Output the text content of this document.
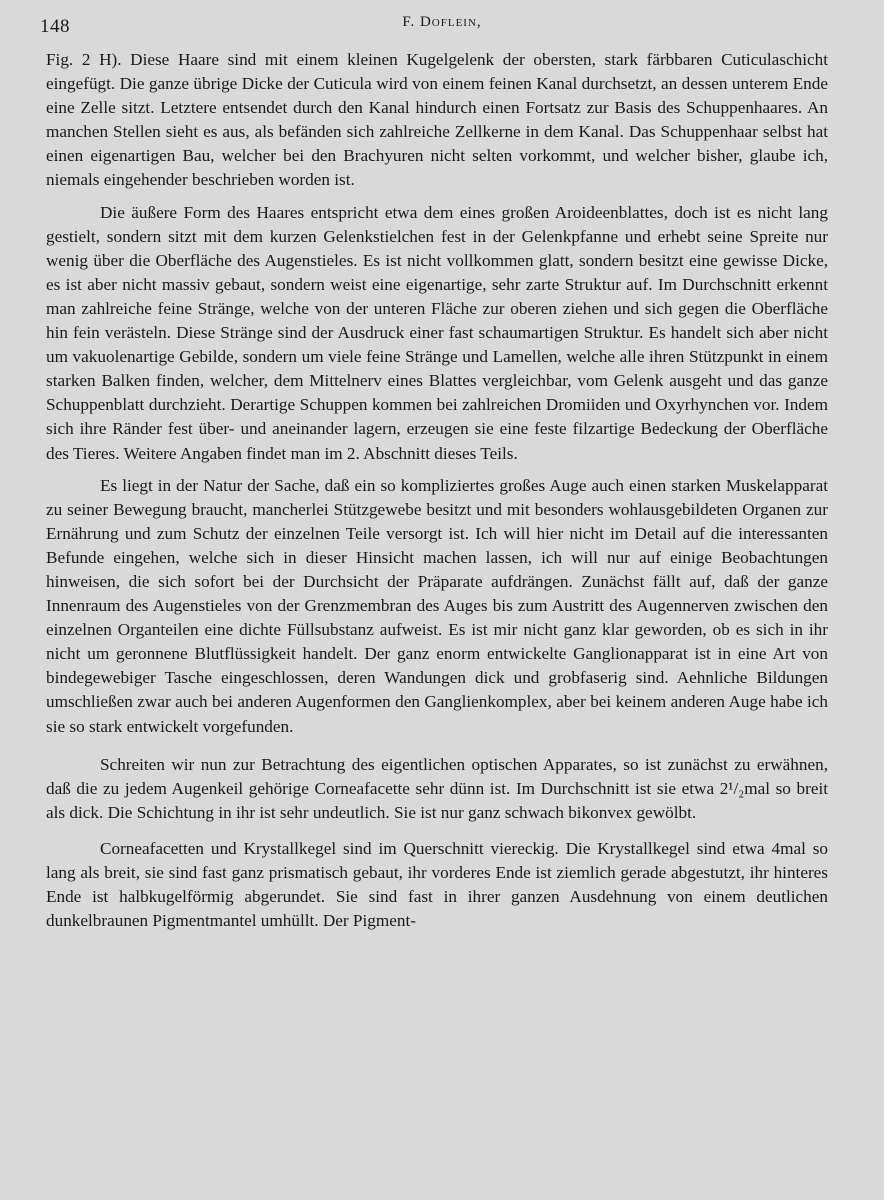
148	F. Doflein,

Fig. 2 H). Diese Haare sind mit einem kleinen Kugelgelenk der obersten, stark färbbaren Cuticulaschicht eingefügt. Die ganze übrige Dicke der Cuticula wird von einem feinen Kanal durchsetzt, an dessen unterem Ende eine Zelle sitzt. Letztere entsendet durch den Kanal hindurch einen Fortsatz zur Basis des Schuppenhaares. An manchen Stellen sieht es aus, als befänden sich zahlreiche Zellkerne in dem Kanal. Das Schuppenhaar selbst hat einen eigenartigen Bau, welcher bei den Brachyuren nicht selten vorkommt, und welcher bisher, glaube ich, niemals eingehender beschrieben worden ist.

Die äußere Form des Haares entspricht etwa dem eines großen Aroideenblattes, doch ist es nicht lang gestielt, sondern sitzt mit dem kurzen Gelenkstielchen fest in der Gelenkpfanne und erhebt seine Spreite nur wenig über die Oberfläche des Augenstieles. Es ist nicht vollkommen glatt, sondern besitzt eine gewisse Dicke, es ist aber nicht massiv gebaut, sondern weist eine eigenartige, sehr zarte Struktur auf. Im Durchschnitt erkennt man zahlreiche feine Stränge, welche von der unteren Fläche zur oberen ziehen und sich gegen die Oberfläche hin fein verästeln. Diese Stränge sind der Ausdruck einer fast schaumartigen Struktur. Es handelt sich aber nicht um vakuolenartige Gebilde, sondern um viele feine Stränge und Lamellen, welche alle ihren Stützpunkt in einem starken Balken finden, welcher, dem Mittelnerv eines Blattes vergleichbar, vom Gelenk ausgeht und das ganze Schuppenblatt durchzieht. Derartige Schuppen kommen bei zahlreichen Dromiiden und Oxyrhynchen vor. Indem sich ihre Ränder fest über- und aneinander lagern, erzeugen sie eine feste filzartige Bedeckung der Oberfläche des Tieres. Weitere Angaben findet man im 2. Abschnitt dieses Teils.

Es liegt in der Natur der Sache, daß ein so kompliziertes großes Auge auch einen starken Muskelapparat zu seiner Bewegung braucht, mancherlei Stützgewebe besitzt und mit besonders wohlausgebildeten Organen zur Ernährung und zum Schutz der einzelnen Teile versorgt ist. Ich will hier nicht im Detail auf die interessanten Befunde eingehen, welche sich in dieser Hinsicht machen lassen, ich will nur auf einige Beobachtungen hinweisen, die sich sofort bei der Durchsicht der Präparate aufdrängen. Zunächst fällt auf, daß der ganze Innenraum des Augenstieles von der Grenzmembran des Auges bis zum Austritt des Augennerven zwischen den einzelnen Organteilen eine dichte Füllsubstanz aufweist. Es ist mir nicht ganz klar geworden, ob es sich in ihr nicht um geronnene Blutflüssigkeit handelt. Der ganz enorm entwickelte Ganglionapparat ist in eine Art von bindegewebiger Tasche eingeschlossen, deren Wandungen dick und grobfaserig sind. Aehnliche Bildungen umschließen zwar auch bei anderen Augenformen den Ganglienkomplex, aber bei keinem anderen Auge habe ich sie so stark entwickelt vorgefunden.

Schreiten wir nun zur Betrachtung des eigentlichen optischen Apparates, so ist zunächst zu erwähnen, daß die zu jedem Augenkeil gehörige Corneafacette sehr dünn ist. Im Durchschnitt ist sie etwa 2¹/₂mal so breit als dick. Die Schichtung in ihr ist sehr undeutlich. Sie ist nur ganz schwach bikonvex gewölbt.

Corneafacetten und Krystallkegel sind im Querschnitt viereckig. Die Krystallkegel sind etwa 4mal so lang als breit, sie sind fast ganz prismatisch gebaut, ihr vorderes Ende ist ziemlich gerade abgestutzt, ihr hinteres Ende ist halbkugelförmig abgerundet. Sie sind fast in ihrer ganzen Ausdehnung von einem deutlichen dunkelbraunen Pigmentmantel umhüllt. Der Pigment-
